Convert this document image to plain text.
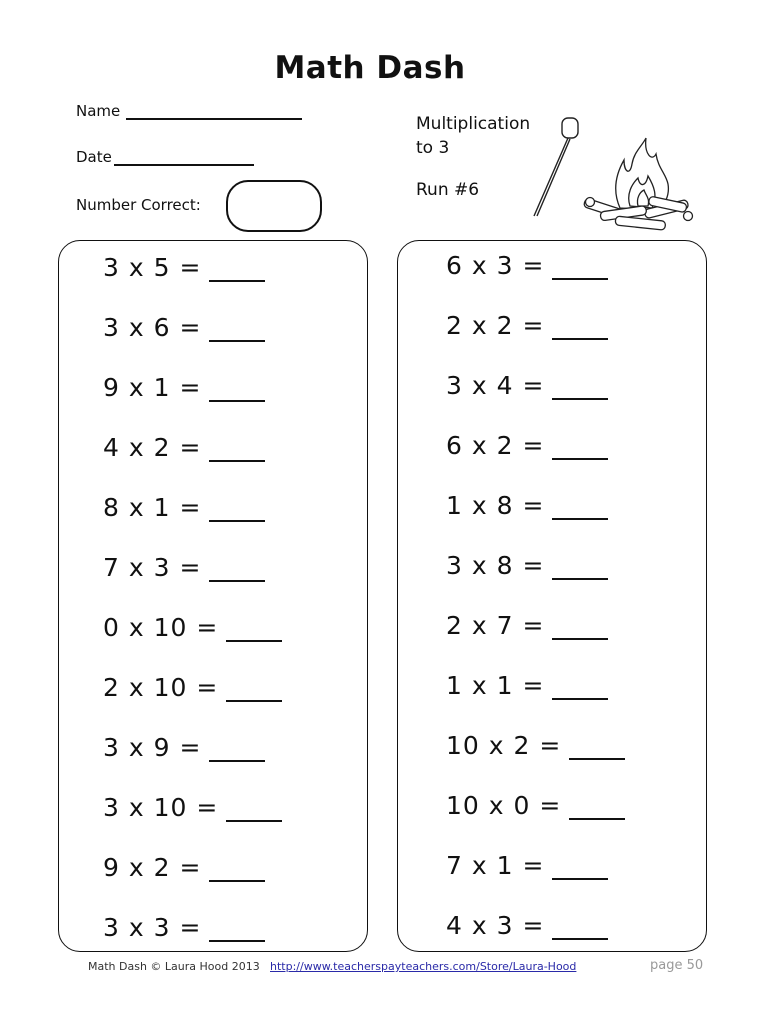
Math Dash
Name
Date
Number Correct:
Multiplication
to 3
Run #6
3 x 5 =
3 x 6 =
9 x 1 =
4 x 2 =
8 x 1 =
7 x 3 =
0 x 10 =
2 x 10 =
3 x 9 =
3 x 10 =
9 x 2 =
3 x 3 =
6 x 3 =
2 x 2 =
3 x 4 =
6 x 2 =
1 x 8 =
3 x 8 =
2 x 7 =
1 x 1 =
10 x 2 =
10 x 0 =
7 x 1 =
4 x 3 =
Math Dash © Laura Hood 2013 http://www.teacherspayteachers.com/Store/Laura-Hood	page 50
